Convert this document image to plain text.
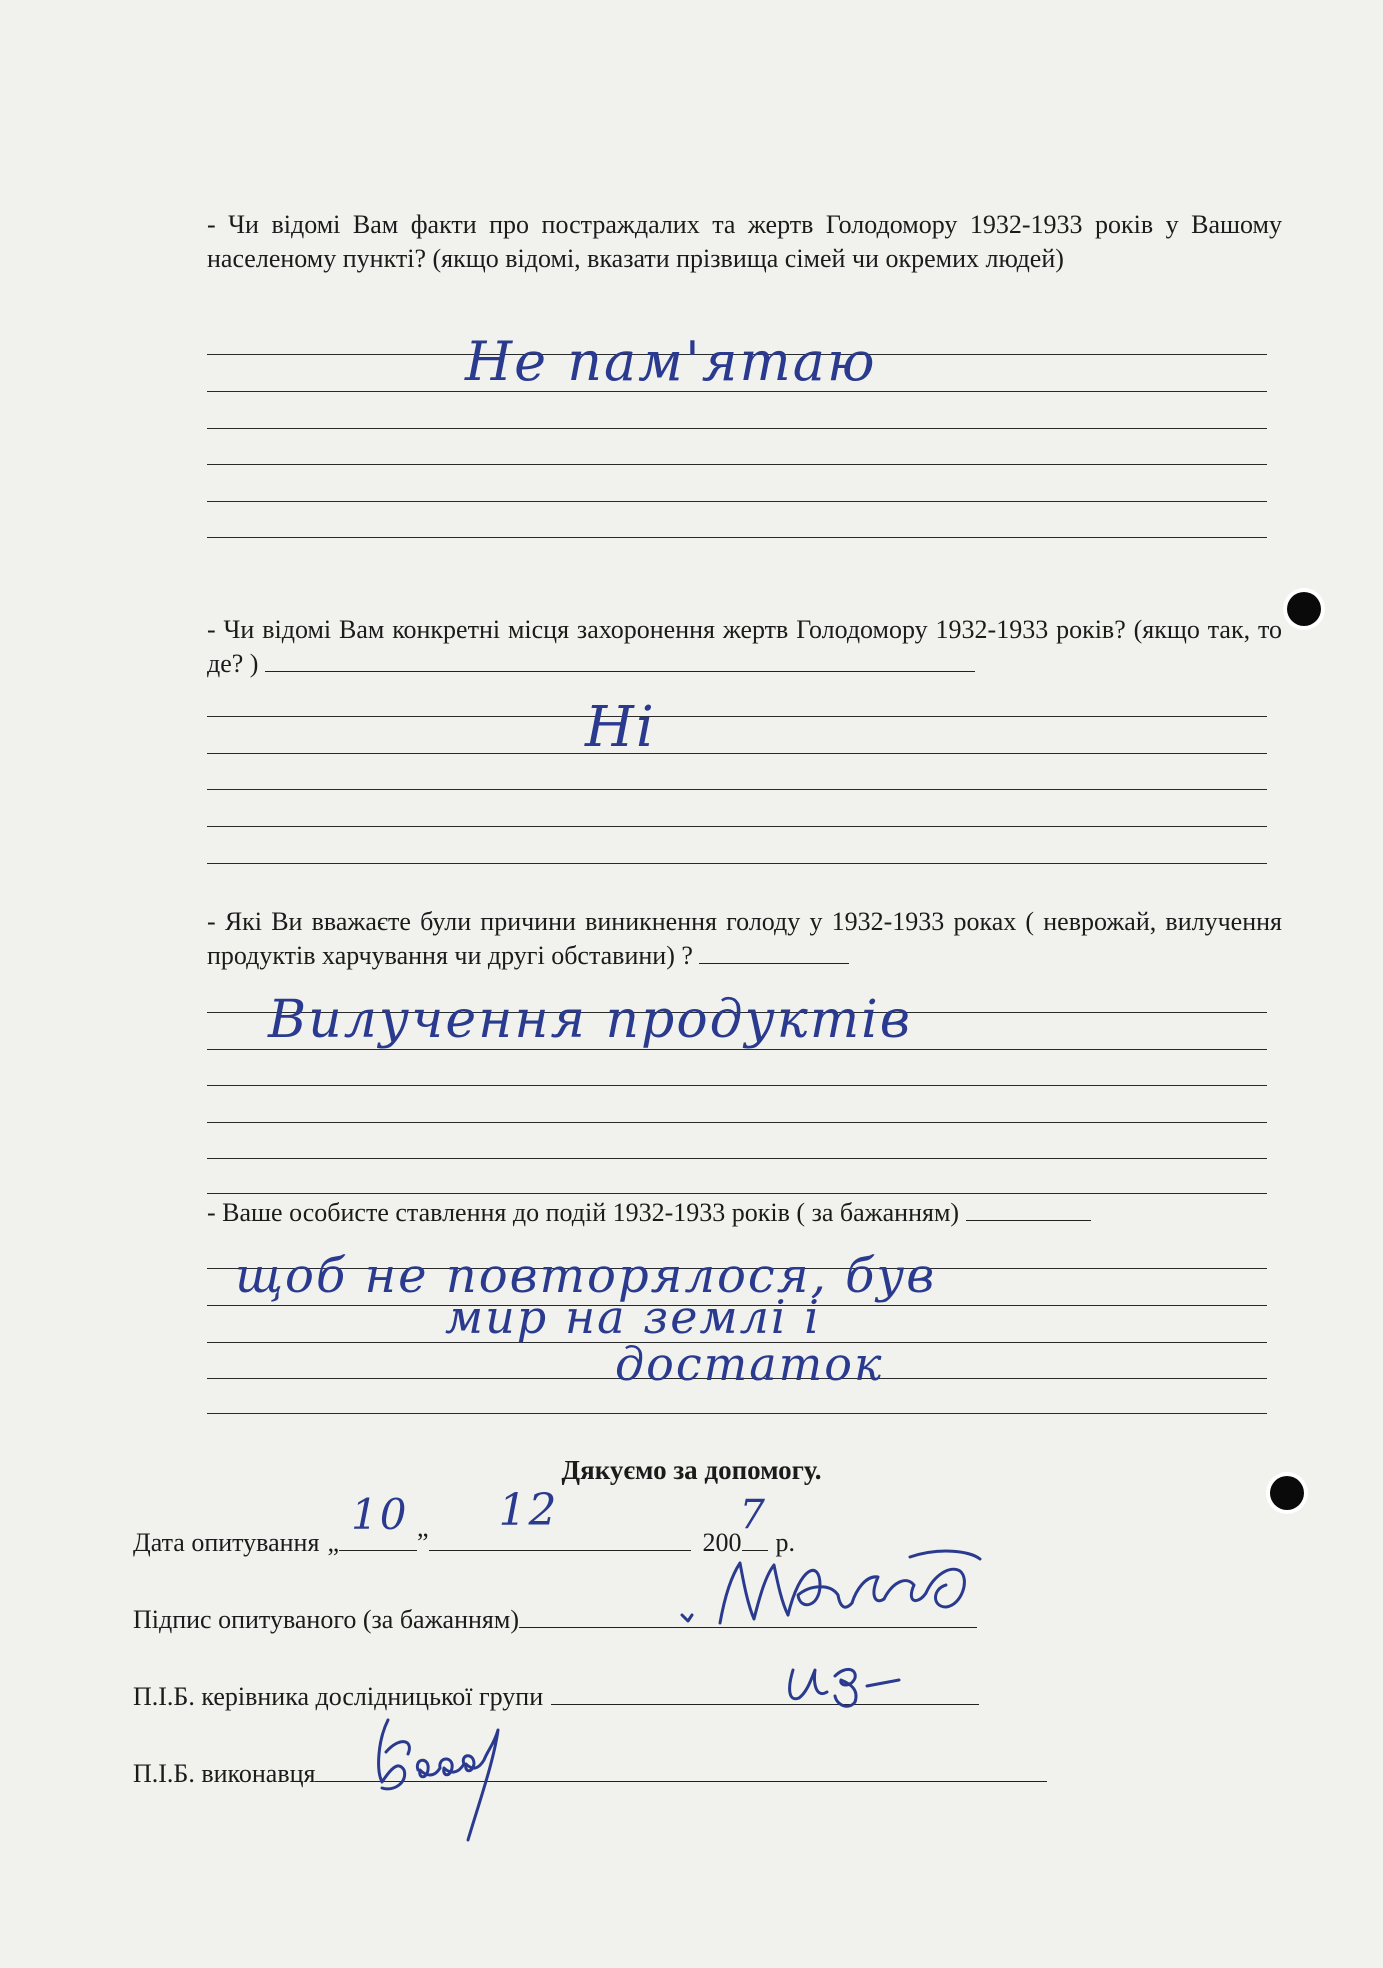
- Чи відомі Вам факти про постраждалих та жертв Голодомору 1932-1933 років у Вашому населеному пункті? (якщо відомі, вказати прізвища сімей чи окремих людей)
Не пам'ятаю
- Чи відомі Вам конкретні місця захоронення жертв Голодомору 1932-1933 років? (якщо так, то де? )
Ні
- Які Ви вважаєте були причини виникнення голоду у 1932-1933 роках ( неврожай, вилучення продуктів харчування чи другі обставини) ?
Вилучення продуктів
- Ваше особисте ставлення до подій 1932-1933 років ( за бажанням)
щоб не повторялося, був
мир на землі і
достаток
Дякуємо за допомогу.
Дата опитування „
10
”
12
200
7
р.
Підпис опитуваного (за бажанням)
П.І.Б. керівника дослідницької групи
П.І.Б. виконавця
